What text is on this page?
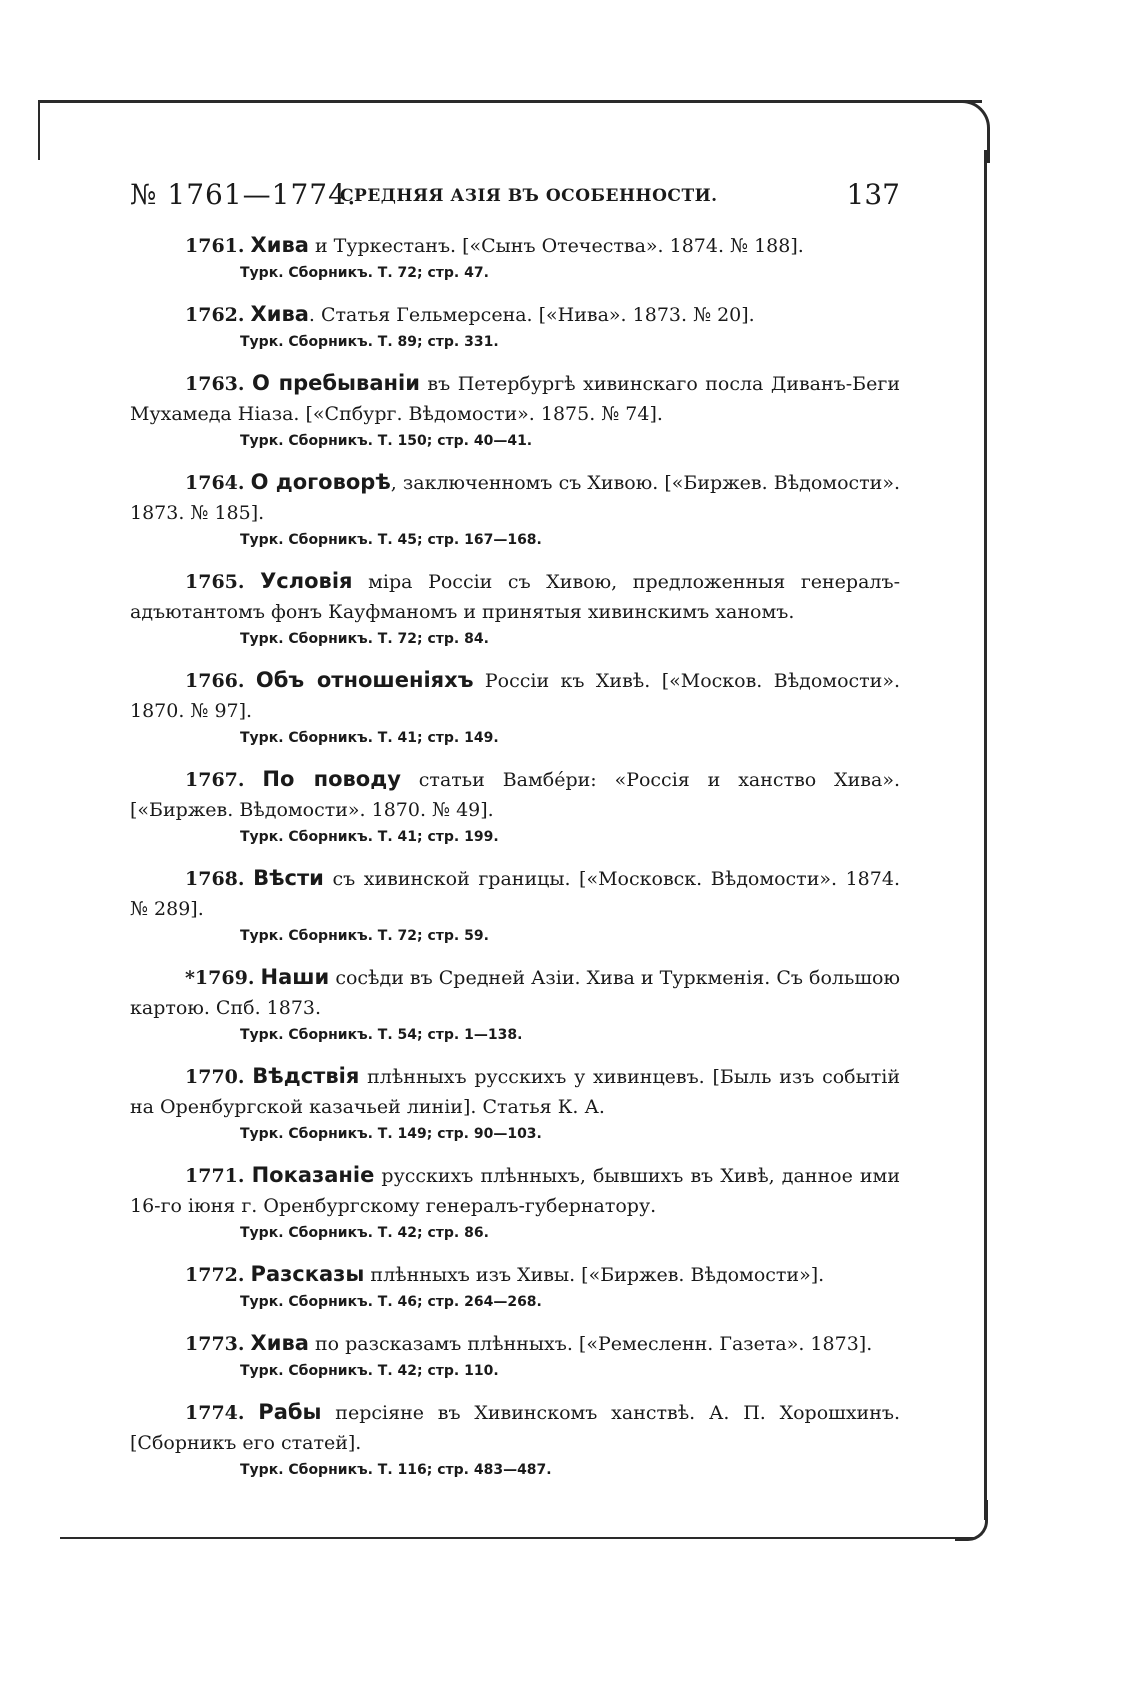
№ 1761—1774.
СРЕДНЯЯ АЗІЯ ВЪ ОСОБЕННОСТИ.	137

1761. Хива и Туркестанъ. [«Сынъ Отечества». 1874. № 188].

Турк. Сборникъ. Т. 72; стр. 47.

1762. Хива. Статья Гельмерсена. [«Нива». 1873. № 20].

Турк. Сборникъ. Т. 89; стр. 331.

1763. О пребываніи въ Петербургѣ хивинскаго посла Диванъ-Беги Мухамеда Ніаза. [«Спбург. Вѣдомости». 1875. № 74].

Турк. Сборникъ. Т. 150; стр. 40—41.

1764. О договорѣ, заключенномъ съ Хивою. [«Биржев. Вѣдомости». 1873. № 185].

Турк. Сборникъ. Т. 45; стр. 167—168.

1765. Условія міра Россіи съ Хивою, предложенныя генералъ-адъютантомъ фонъ Кауфманомъ и принятыя хивинскимъ ханомъ.

Турк. Сборникъ. Т. 72; стр. 84.

1766. Объ отношеніяхъ Россіи къ Хивѣ. [«Москов. Вѣдомости». 1870. № 97].

Турк. Сборникъ. Т. 41; стр. 149.

1767. По поводу статьи Вамбéри: «Россія и ханство Хива». [«Биржев. Вѣдомости». 1870. № 49].

Турк. Сборникъ. Т. 41; стр. 199.

1768. Вѣсти съ хивинской границы. [«Московск. Вѣдомости». 1874. № 289].

Турк. Сборникъ. Т. 72; стр. 59.

*1769. Наши сосѣди въ Средней Азіи. Хива и Туркменія. Съ большою картою. Спб. 1873.

Турк. Сборникъ. Т. 54; стр. 1—138.

1770. Вѣдствія плѣнныхъ русскихъ у хивинцевъ. [Быль изъ событій на Оренбургской казачьей линіи]. Статья К. А.

Турк. Сборникъ. Т. 149; стр. 90—103.

1771. Показаніе русскихъ плѣнныхъ, бывшихъ въ Хивѣ, данное ими 16-го іюня г. Оренбургскому генералъ-губернатору.

Турк. Сборникъ. Т. 42; стр. 86.

1772. Разсказы плѣнныхъ изъ Хивы. [«Биржев. Вѣдомости»].

Турк. Сборникъ. Т. 46; стр. 264—268.

1773. Хива по разсказамъ плѣнныхъ. [«Ремесленн. Газета». 1873].

Турк. Сборникъ. Т. 42; стр. 110.

1774. Рабы персіяне въ Хивинскомъ ханствѣ. А. П. Хорошхинъ. [Сборникъ его статей].

Турк. Сборникъ. Т. 116; стр. 483—487.
